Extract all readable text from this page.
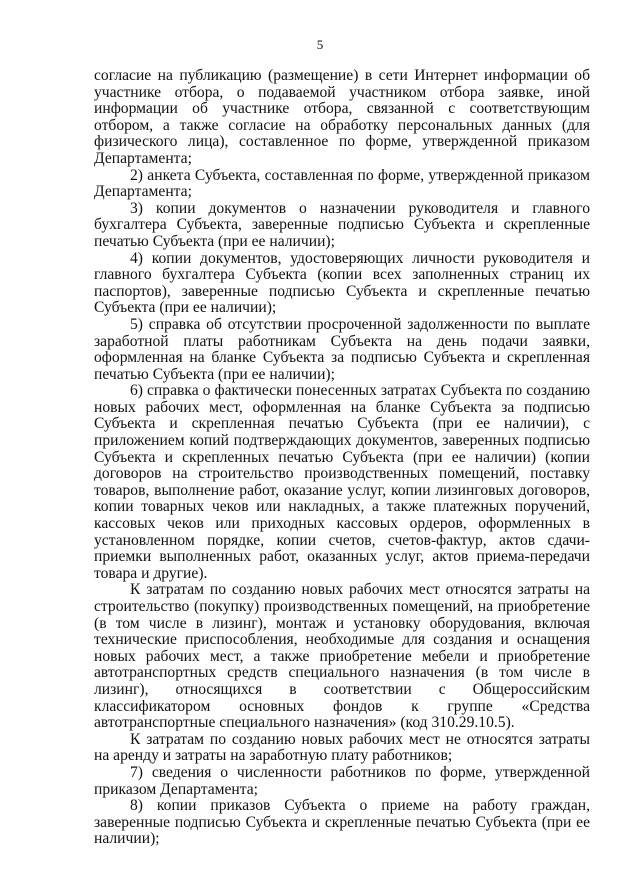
5

согласие на публикацию (размещение) в сети Интернет информации об участнике отбора, о подаваемой участником отбора заявке, иной информации об участнике отбора, связанной с соответствующим отбором, а также согласие на обработку персональных данных (для физического лица), составленное по форме, утвержденной приказом Департамента;

2) анкета Субъекта, составленная по форме, утвержденной приказом Департамента;

3) копии документов о назначении руководителя и главного бухгалтера Субъекта, заверенные подписью Субъекта и скрепленные печатью Субъекта (при ее наличии);

4) копии документов, удостоверяющих личности руководителя и главного бухгалтера Субъекта (копии всех заполненных страниц их паспортов), заверенные подписью Субъекта и скрепленные печатью Субъекта (при ее наличии);

5) справка об отсутствии просроченной задолженности по выплате заработной платы работникам Субъекта на день подачи заявки, оформленная на бланке Субъекта за подписью Субъекта и скрепленная печатью Субъекта (при ее наличии);

6) справка о фактически понесенных затратах Субъекта по созданию новых рабочих мест, оформленная на бланке Субъекта за подписью Субъекта и скрепленная печатью Субъекта (при ее наличии), с приложением копий подтверждающих документов, заверенных подписью Субъекта и скрепленных печатью Субъекта (при ее наличии) (копии договоров на строительство производственных помещений, поставку товаров, выполнение работ, оказание услуг, копии лизинговых договоров, копии товарных чеков или накладных, а также платежных поручений, кассовых чеков или приходных кассовых ордеров, оформленных в установленном порядке, копии счетов, счетов-фактур, актов сдачи-приемки выполненных работ, оказанных услуг, актов приема-передачи товара и другие).

К затратам по созданию новых рабочих мест относятся затраты на строительство (покупку) производственных помещений, на приобретение (в том числе в лизинг), монтаж и установку оборудования, включая технические приспособления, необходимые для создания и оснащения новых рабочих мест, а также приобретение мебели и приобретение автотранспортных средств специального назначения (в том числе в лизинг), относящихся в соответствии с Общероссийским классификатором основных фондов к группе «Средства автотранспортные специального назначения» (код 310.29.10.5).

К затратам по созданию новых рабочих мест не относятся затраты на аренду и затраты на заработную плату работников;

7) сведения о численности работников по форме, утвержденной приказом Департамента;

8) копии приказов Субъекта о приеме на работу граждан, заверенные подписью Субъекта и скрепленные печатью Субъекта (при ее наличии);
